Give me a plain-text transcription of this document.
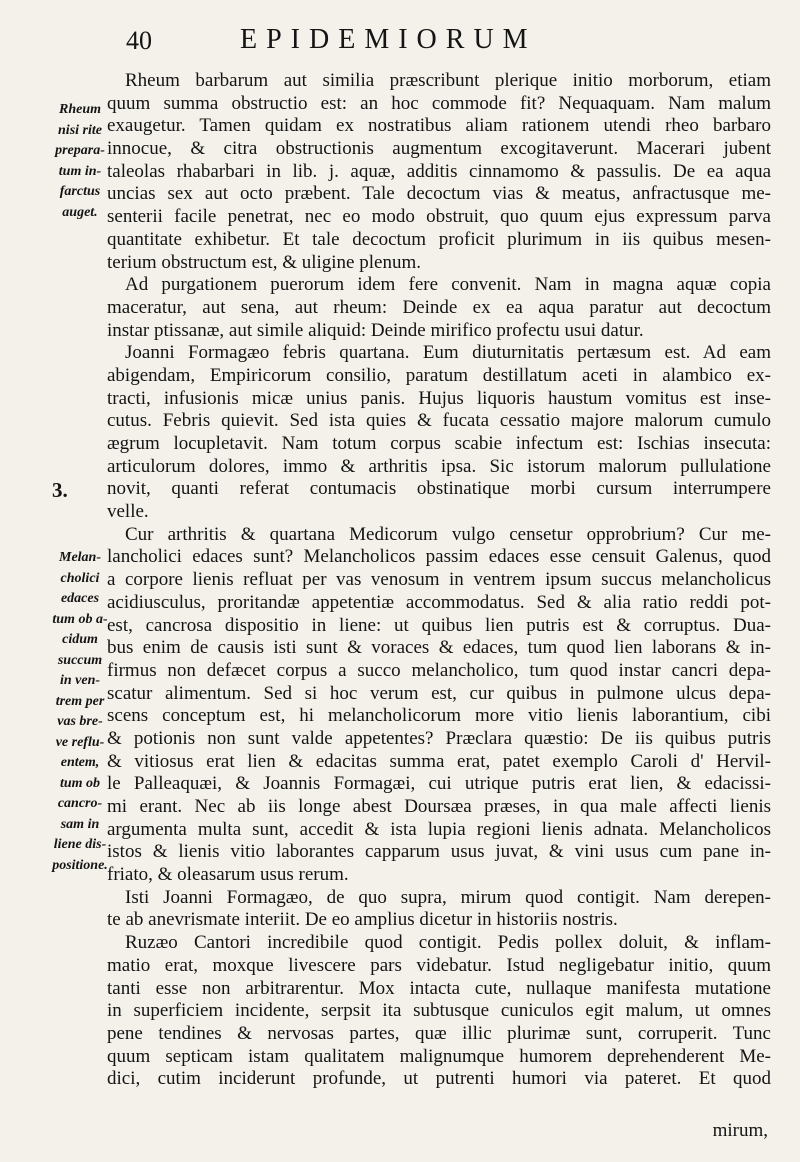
40	EPIDEMIORUM
Rheum
nisi rite
prepara-
tum in-
farctus
auget.
3.
Melan-
cholici
edaces
tum ob a-
cidum
succum
in ven-
trem per
vas bre-
ve reflu-
entem,
tum ob
cancro-
sam in
liene dis-
positione.
Rheum barbarum aut similia præscribunt plerique initio morborum, etiam
quum summa obstructio est: an hoc commode fit? Nequaquam. Nam malum
exaugetur. Tamen quidam ex nostratibus aliam rationem utendi rheo barbaro
innocue, & citra obstructionis augmentum excogitaverunt. Macerari jubent
taleolas rhabarbari in lib. j. aquæ, additis cinnamomo & passulis. De ea aqua
uncias sex aut octo præbent. Tale decoctum vias & meatus, anfractusque me-
senterii facile penetrat, nec eo modo obstruit, quo quum ejus expressum parva
quantitate exhibetur. Et tale decoctum proficit plurimum in iis quibus mesen-
terium obstructum est, & uligine plenum.
Ad purgationem puerorum idem fere convenit. Nam in magna aquæ copia
maceratur, aut sena, aut rheum: Deinde ex ea aqua paratur aut decoctum
instar ptissanæ, aut simile aliquid: Deinde mirifico profectu usui datur.
Joanni Formagæo febris quartana. Eum diuturnitatis pertæsum est. Ad eam
abigendam, Empiricorum consilio, paratum destillatum aceti in alambico ex-
tracti, infusionis micæ unius panis. Hujus liquoris haustum vomitus est inse-
cutus. Febris quievit. Sed ista quies & fucata cessatio majore malorum cumulo
ægrum locupletavit. Nam totum corpus scabie infectum est: Ischias insecuta:
articulorum dolores, immo & arthritis ipsa. Sic istorum malorum pullulatione
novit, quanti referat contumacis obstinatique morbi cursum interrumpere
velle.
Cur arthritis & quartana Medicorum vulgo censetur opprobrium? Cur me-
lancholici edaces sunt? Melancholicos passim edaces esse censuit Galenus, quod
a corpore lienis refluat per vas venosum in ventrem ipsum succus melancholicus
acidiusculus, proritandæ appetentiæ accommodatus. Sed & alia ratio reddi pot-
est, cancrosa dispositio in liene: ut quibus lien putris est & corruptus. Dua-
bus enim de causis isti sunt & voraces & edaces, tum quod lien laborans & in-
firmus non defæcet corpus a succo melancholico, tum quod instar cancri depa-
scatur alimentum. Sed si hoc verum est, cur quibus in pulmone ulcus depa-
scens conceptum est, hi melancholicorum more vitio lienis laborantium, cibi
& potionis non sunt valde appetentes? Præclara quæstio: De iis quibus putris
& vitiosus erat lien & edacitas summa erat, patet exemplo Caroli d' Hervil-
le Palleaquæi, & Joannis Formagæi, cui utrique putris erat lien, & edacissi-
mi erant. Nec ab iis longe abest Doursæa præses, in qua male affecti lienis
argumenta multa sunt, accedit & ista lupia regioni lienis adnata. Melancholicos
istos & lienis vitio laborantes capparum usus juvat, & vini usus cum pane in-
friato, & oleasarum usus rerum.
Isti Joanni Formagæo, de quo supra, mirum quod contigit. Nam derepen-
te ab anevrismate interiit. De eo amplius dicetur in historiis nostris.
Ruzæo Cantori incredibile quod contigit. Pedis pollex doluit, & inflam-
matio erat, moxque livescere pars videbatur. Istud negligebatur initio, quum
tanti esse non arbitrarentur. Mox intacta cute, nullaque manifesta mutatione
in superficiem incidente, serpsit ita subtusque cuniculos egit malum, ut omnes
pene tendines & nervosas partes, quæ illic plurimæ sunt, corruperit. Tunc
quum septicam istam qualitatem malignumque humorem deprehenderent Me-
dici, cutim inciderunt profunde, ut putrenti humori via pateret. Et quod
mirum,
